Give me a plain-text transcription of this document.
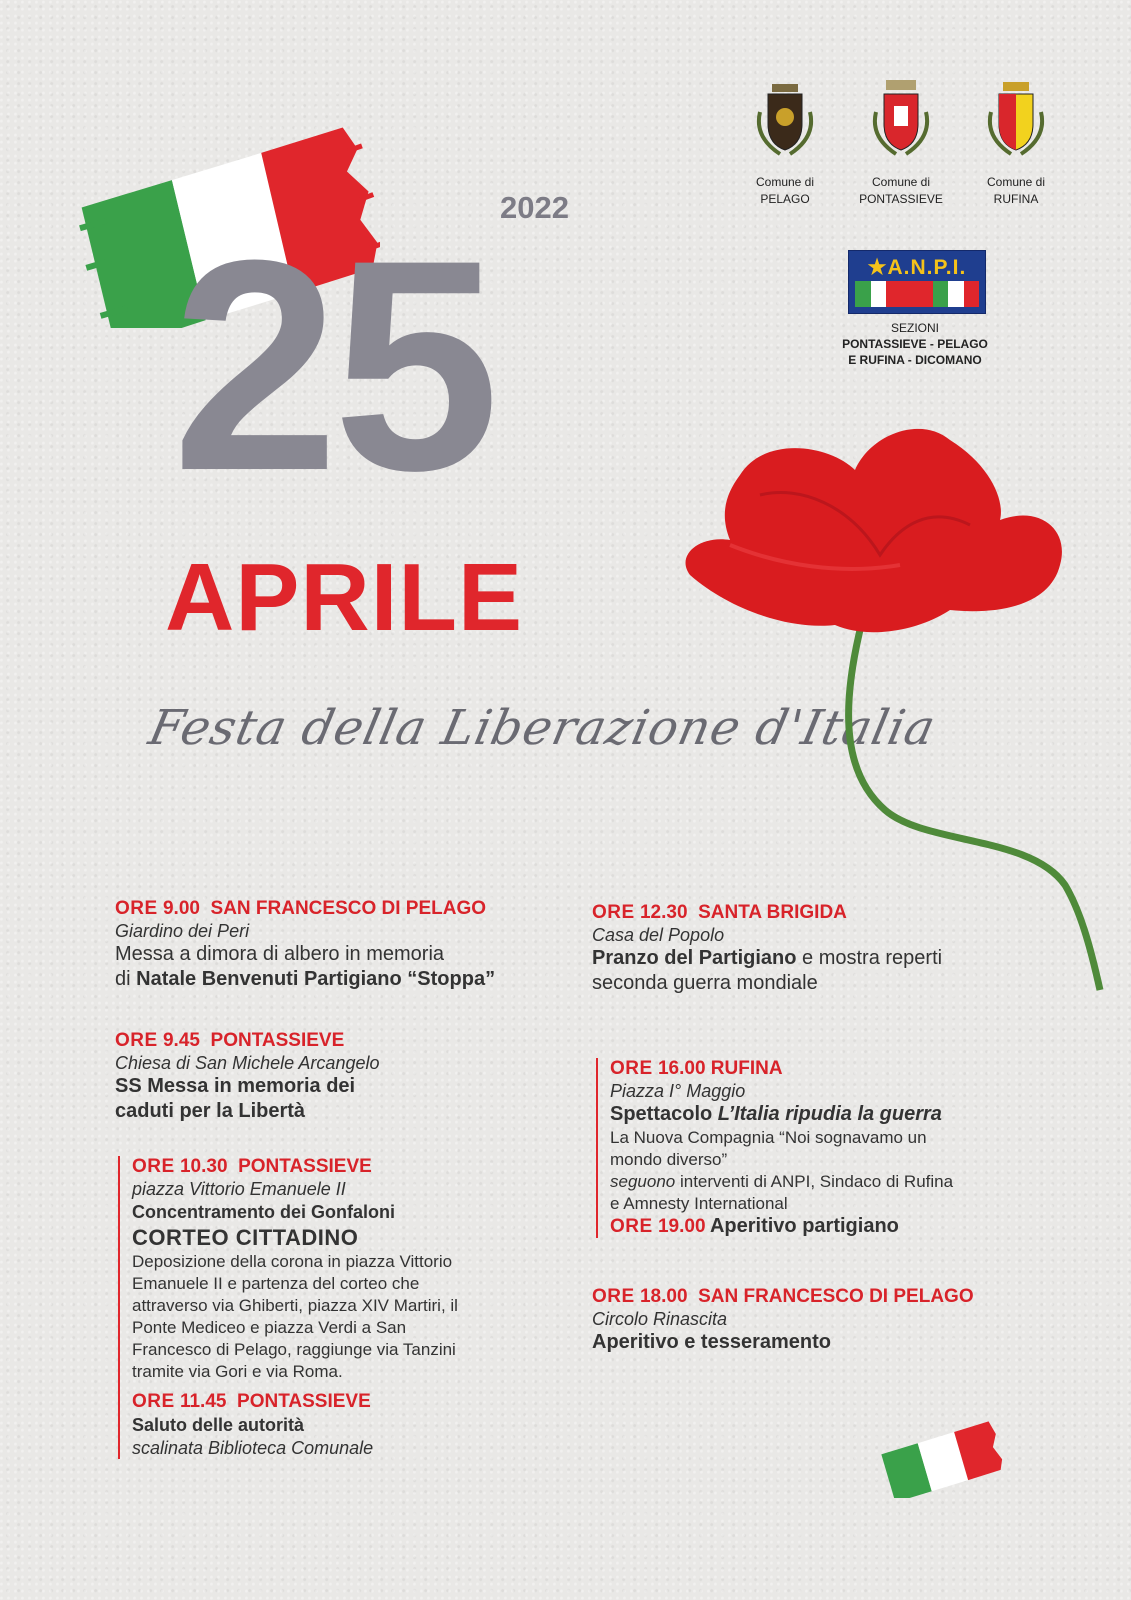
Comune di
PELAGO
Comune di
PONTASSIEVE
Comune di
RUFINA
★A.N.P.I.
SEZIONI
PONTASSIEVE - PELAGO
E RUFINA - DICOMANO
2022
25
APRILE
Festa della Liberazione d'Italia
ORE 9.00 SAN FRANCESCO DI PELAGO
Giardino dei Peri
Messa a dimora di albero in memoria
di Natale Benvenuti Partigiano “Stoppa”
ORE 9.45 PONTASSIEVE
Chiesa di San Michele Arcangelo
SS Messa in memoria dei
caduti per la Libertà
ORE 10.30 PONTASSIEVE
piazza Vittorio Emanuele II
Concentramento dei Gonfaloni
CORTEO CITTADINO
Deposizione della corona in piazza Vittorio
Emanuele II e partenza del corteo che
attraverso via Ghiberti, piazza XIV Martiri, il
Ponte Mediceo e piazza Verdi a San
Francesco di Pelago, raggiunge via Tanzini
tramite via Gori e via Roma.
ORE 11.45 PONTASSIEVE
Saluto delle autorità
scalinata Biblioteca Comunale
ORE 12.30 SANTA BRIGIDA
Casa del Popolo
Pranzo del Partigiano e mostra reperti
seconda guerra mondiale
ORE 16.00 RUFINA
Piazza I° Maggio
Spettacolo L’Italia ripudia la guerra
La Nuova Compagnia “Noi sognavamo un
mondo diverso”
seguono interventi di ANPI, Sindaco di Rufina
e Amnesty International
ORE 19.00 Aperitivo partigiano
ORE 18.00 SAN FRANCESCO DI PELAGO
Circolo Rinascita
Aperitivo e tesseramento
